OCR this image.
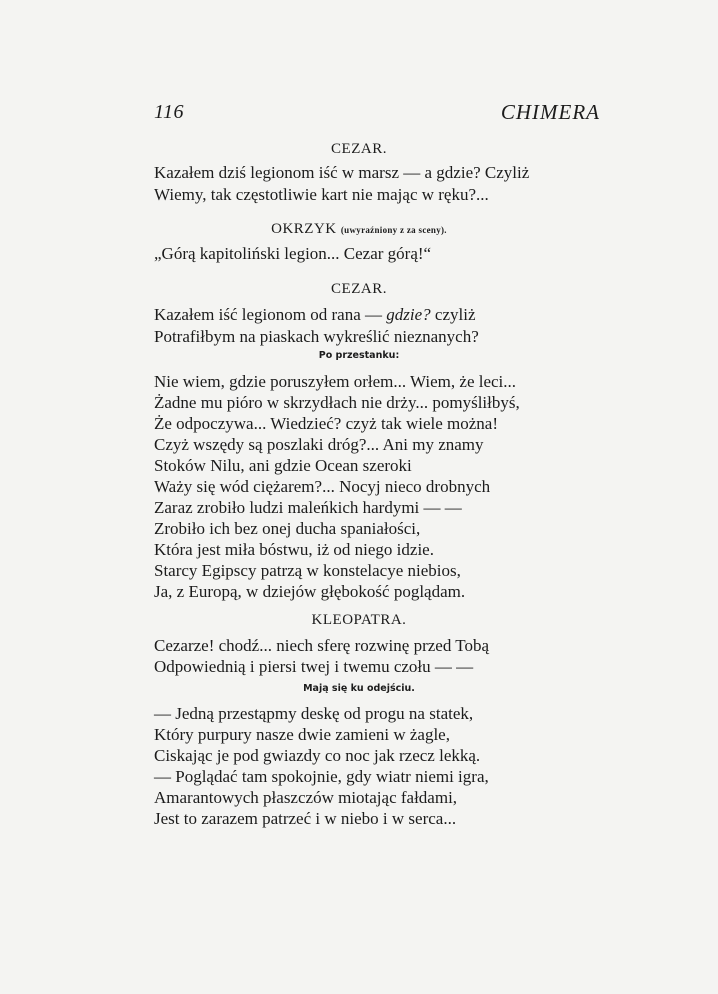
116	CHIMERA
CEZAR.
Kazałem dziś legionom iść w marsz — a gdzie? Czyliż
Wiemy, tak częstotliwie kart nie mając w ręku?...
OKRZYK (uwyraźniony z za sceny).
„Górą kapitoliński legion... Cezar górą!“
CEZAR.
Kazałem iść legionom od rana — gdzie? czyliż
Potrafiłbym na piaskach wykreślić nieznanych?
Po przestanku:
Nie wiem, gdzie poruszyłem orłem... Wiem, że leci...
Żadne mu pióro w skrzydłach nie drży... pomyśliłbyś,
Że odpoczywa... Wiedzieć? czyż tak wiele można!
Czyż wszędy są poszlaki dróg?... Ani my znamy
Stoków Nilu, ani gdzie Ocean szeroki
Waży się wód ciężarem?... Nocyj nieco drobnych
Zaraz zrobiło ludzi maleńkich hardymi — —
Zrobiło ich bez onej ducha spaniałości,
Która jest miła bóstwu, iż od niego idzie.
Starcy Egipscy patrzą w konstelacye niebios,
Ja, z Europą, w dziejów głębokość poglądam.
KLEOPATRA.
Cezarze! chodź... niech sferę rozwinę przed Tobą
Odpowiednią i piersi twej i twemu czołu — —
Mają się ku odejściu.
— Jedną przestąpmy deskę od progu na statek,
Który purpury nasze dwie zamieni w żagle,
Ciskając je pod gwiazdy co noc jak rzecz lekką.
— Poglądać tam spokojnie, gdy wiatr niemi igra,
Amarantowych płaszczów miotając fałdami,
Jest to zarazem patrzeć i w niebo i w serca...
